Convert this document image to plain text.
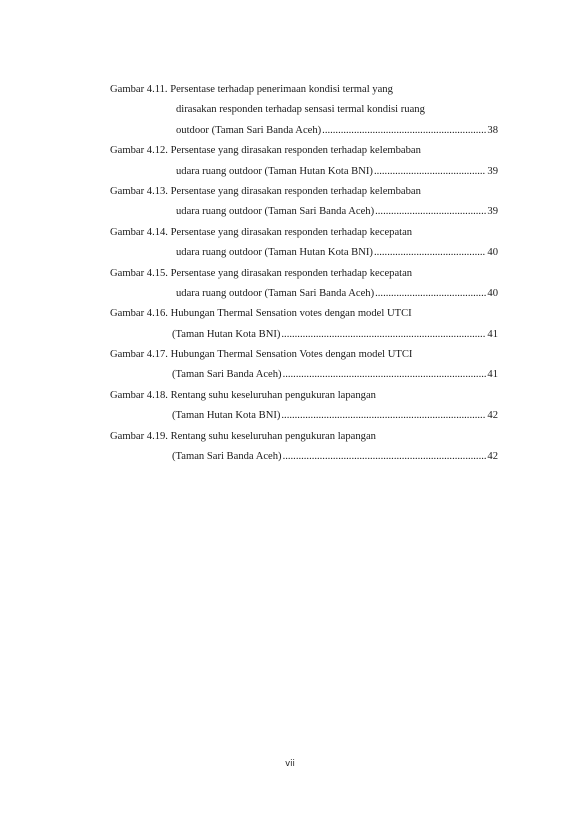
Gambar 4.11. Persentase terhadap penerimaan kondisi termal yang
dirasakan responden terhadap sensasi termal kondisi ruang
outdoor (Taman Sari Banda Aceh) .....	38
Gambar 4.12. Persentase yang dirasakan responden terhadap kelembaban
udara ruang outdoor (Taman Hutan Kota BNI) .....	39
Gambar 4.13. Persentase yang dirasakan responden terhadap kelembaban
udara ruang outdoor (Taman Sari Banda Aceh) .....	39
Gambar 4.14. Persentase yang dirasakan responden terhadap kecepatan
udara ruang outdoor (Taman Hutan Kota BNI) .....	40
Gambar 4.15. Persentase yang dirasakan responden terhadap kecepatan
udara ruang outdoor (Taman Sari Banda Aceh) .....	40
Gambar 4.16. Hubungan Thermal Sensation votes dengan model UTCI
(Taman Hutan Kota BNI) .....	41
Gambar 4.17. Hubungan Thermal Sensation Votes dengan model UTCI
(Taman Sari Banda Aceh) .....	41
Gambar 4.18. Rentang suhu keseluruhan pengukuran lapangan
(Taman Hutan Kota BNI) .....	42
Gambar 4.19. Rentang suhu keseluruhan pengukuran lapangan
(Taman Sari Banda Aceh) .....	42
vii
